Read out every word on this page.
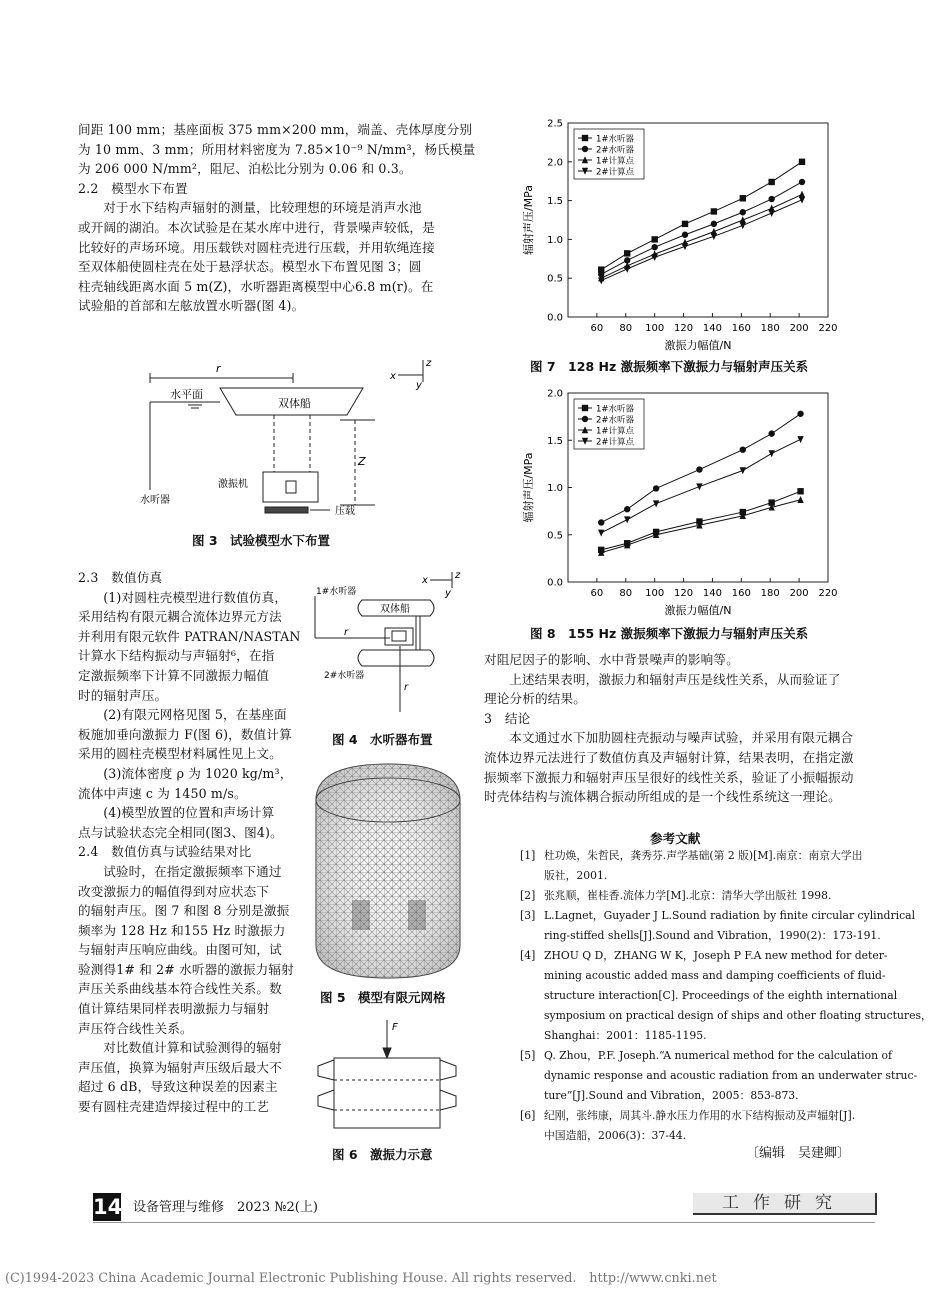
间距 100 mm；基座面板 375 mm×200 mm，端盖、壳体厚度分别
为 10 mm、3 mm；所用材料密度为 7.85×10⁻⁹ N/mm³，杨氏模量
为 206 000 N/mm²，阻尼、泊松比分别为 0.06 和 0.3。

2.2　模型水下布置

对于水下结构声辐射的测量，比较理想的环境是消声水池
或开阔的湖泊。本次试验是在某水库中进行，背景噪声较低，是
比较好的声场环境。用压载铁对圆柱壳进行压载，并用软绳连接
至双体船使圆柱壳在处于悬浮状态。模型水下布置见图 3；圆
柱壳轴线距离水面 5 m(Z)，水听器距离模型中心6.8 m(r)。在
试验船的首部和左舷放置水听器(图 4)。
r
水平面
双体船
Z
激振机
水听器
压载
x
z
y
图 3　试验模型水下布置

2.3　数值仿真

(1)对圆柱壳模型进行数值仿真，
采用结构有限元耦合流体边界元方法
并利用有限元软件 PATRAN/NASTAN
计算水下结构振动与声辐射⁶，在指
定激振频率下计算不同激振力幅值
时的辐射声压。
(2)有限元网格见图 5，在基座面
板施加垂向激振力 F(图 6)，数值计算
采用的圆柱壳模型材料属性见上文。
(3)流体密度 ρ 为 1020 kg/m³，
流体中声速 c 为 1450 m/s。
(4)模型放置的位置和声场计算
点与试验状态完全相同(图3、图4)。

2.4　数值仿真与试验结果对比

试验时，在指定激振频率下通过
改变激振力的幅值得到对应状态下
的辐射声压。图 7 和图 8 分别是激振
频率为 128 Hz 和155 Hz 时激振力
与辐射声压响应曲线。由图可知，试
验测得1# 和 2# 水听器的激振力辐射
声压关系曲线基本符合线性关系。数
值计算结果同样表明激振力与辐射
声压符合线性关系。
对比数值计算和试验测得的辐射
声压值，换算为辐射声压级后最大不
超过 6 dB，导致这种误差的因素主
要有圆柱壳建造焊接过程中的工艺
1#水听器
双体船
r
r
2#水听器
x	z
y
图 4　水听器布置
图 5　模型有限元网格
F
图 6　激振力示意
60 80 100 120 140 160 180 200 220
0.0
0.5
1.0
1.5
2.0
2.5
激振力幅值/N
辐射声压/MPa
1#水听器
2#水听器
1#计算点
2#计算点
图 7　128 Hz 激振频率下激振力与辐射声压关系
60 80 100 120 140 160 180 200 220
0.0
0.5
1.0
1.5
2.0
激振力幅值/N
辐射声压/MPa
1#水听器
2#水听器
1#计算点
2#计算点
图 8　155 Hz 激振频率下激振力与辐射声压关系
对阻尼因子的影响、水中背景噪声的影响等。
上述结果表明，激振力和辐射声压是线性关系，从而验证了
理论分析的结果。

3　结论

本文通过水下加肋圆柱壳振动与噪声试验，并采用有限元耦合
流体边界元法进行了数值仿真及声辐射计算，结果表明，在指定激
振频率下激振力和辐射声压呈很好的线性关系，验证了小振幅振动
时壳体结构与流体耦合振动所组成的是一个线性系统这一理论。
参考文献
[1] 杜功焕，朱哲民，龚秀芬.声学基础(第 2 版)[M].南京：南京大学出
版社，2001.
[2] 张兆顺，崔桂香.流体力学[M].北京：清华大学出版社 1998.
[3] L.Lagnet，Guyader J L.Sound radiation by finite circular cylindrical
ring-stiffed shells[J].Sound and Vibration，1990(2)：173-191.
[4] ZHOU Q D，ZHANG W K，Joseph P F.A new method for deter-
mining acoustic added mass and damping coefficients of fluid-
structure interaction[C]. Proceedings of the eighth international
symposium on practical design of ships and other floating structures，
Shanghai：2001：1185-1195.
[5] Q. Zhou，P.F. Joseph.“A numerical method for the calculation of
dynamic response and acoustic radiation from an underwater struc-
ture”[J].Sound and Vibration，2005：853-873.
[6] 纪刚，张纬康，周其斗.静水压力作用的水下结构振动及声辐射[J].
中国造船，2006(3)：37-44.
〔编辑　吴建卿〕
14 设备管理与维修　2023 №2(上)	工作研究
(C)1994-2023 China Academic Journal Electronic Publishing House. All rights reserved.　http://www.cnki.net
